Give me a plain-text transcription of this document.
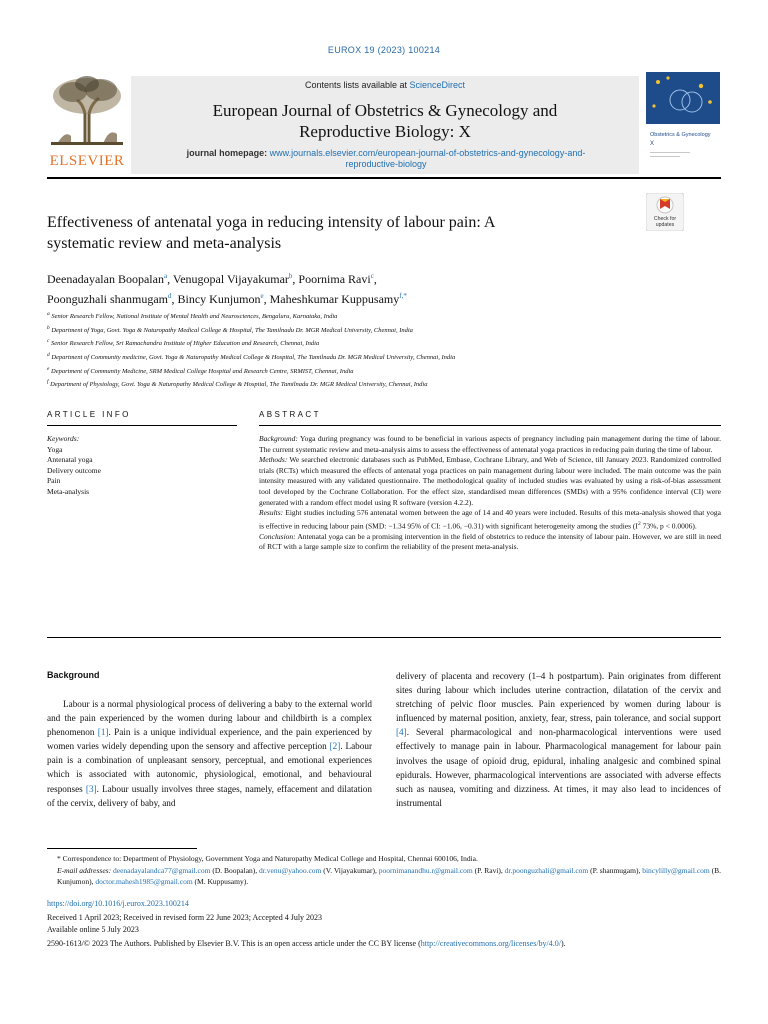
EUROX 19 (2023) 100214
ELSEVIER
Contents lists available at ScienceDirect
European Journal of Obstetrics & Gynecology and
Reproductive Biology: X
journal homepage: www.journals.elsevier.com/european-journal-of-obstetrics-and-gynecology-and-
reproductive-biology
Obstetrics & Gynecology
X
Check for
updates
Effectiveness of antenatal yoga in reducing intensity of labour pain: A
systematic review and meta-analysis
Deenadayalan Boopalan$^a$, Venugopal Vijayakumar$^b$, Poornima Ravi$^c$,
Poonguzhali shanmugam$^d$, Bincy Kunjumon$^e$, Maheshkumar Kuppusamy$^{f,*}$
$^a$ Senior Research Fellow, National Institute of Mental Health and Neurosciences, Bengaluru, Karnataka, India
$^b$ Department of Yoga, Govt. Yoga & Naturopathy Medical College & Hospital, The Tamilnadu Dr. MGR Medical University, Chennai, India
$^c$ Senior Research Fellow, Sri Ramachandra Institute of Higher Education and Research, Chennai, India
$^d$ Department of Community medicine, Govt. Yoga & Naturopathy Medical College & Hospital, The Tamilnadu Dr. MGR Medical University, Chennai, India
$^e$ Department of Community Medicine, SRM Medical College Hospital and Research Centre, SRMIST, Chennai, India
$^f$ Department of Physiology, Govt. Yoga & Naturopathy Medical College & Hospital, The Tamilnadu Dr. MGR Medical University, Chennai, India
ARTICLE INFO	ABSTRACT
Keywords:
Yoga
Antenatal yoga
Delivery outcome
Pain
Meta-analysis

Background: Yoga during pregnancy was found to be beneficial in various aspects of pregnancy including pain management during the time of labour. The current systematic review and meta-analysis aims to assess the effectiveness of antenatal yoga practices in reducing pain during the time of labour.

Methods: We searched electronic databases such as PubMed, Embase, Cochrane Library, and Web of Science, till January 2023. Randomized controlled trials (RCTs) which measured the effects of antenatal yoga practices on pain management during labour were included. The main outcome was the pain intensity measured with any validated questionnaire. The methodological quality of included studies was evaluated by using a risk-of-bias assessment tool developed by the Cochrane Collaboration. For the effect size, standardised mean differences (SMDs) with a 95% confidence interval (CI) were generated with a random effect model using R software (version 4.2.2).

Results: Eight studies including 576 antenatal women between the age of 14 and 40 years were included. Results of this meta-analysis showed that yoga is effective in reducing labour pain (SMD: −1.34 95% of CI: −1.06, −0.31) with significant heterogeneity among the studies ($I^2$ 73%, p < 0.0006).

Conclusion: Antenatal yoga can be a promising intervention in the field of obstetrics to reduce the intensity of labour pain. However, we are still in need of RCT with a large sample size to confirm the reliability of the present meta-analysis.

Background
Labour is a normal physiological process of delivering a baby to the external world and the pain experienced by the women during labour and childbirth is a complex phenomenon [1]. Pain is a unique individual experience, and the pain experienced by women varies widely depending upon the sensory and affective perception [2]. Labour pain is a combination of unpleasant sensory, perceptual, and emotional experiences which is associated with autonomic, physiological, emotional, and behavioural responses [3]. Labour usually involves three stages, namely, effacement and dilatation of the cervix, delivery of baby, and
delivery of placenta and recovery (1–4 h postpartum). Pain originates from different sites during labour which includes uterine contraction, dilatation of the cervix and stretching of pelvic floor muscles. Pain experienced by women during labour is influenced by maternal position, anxiety, fear, stress, pain tolerance, and social support [4]. Several pharmacological and non-pharmacological interventions were used effectively to manage pain in labour. Pharmacological management for labour pain involves the usage of opioid drug, epidural, inhaling analgesic and combined spinal epidurals. However, pharmacological interventions are associated with adverse effects such as nausea, vomiting and dizziness. At times, it may also lead to incidences of instrumental

* Correspondence to: Department of Physiology, Government Yoga and Naturopathy Medical College and Hospital, Chennai 600106, India.

E-mail addresses: deenadayalandca77@gmail.com (D. Boopalan), dr.venu@yahoo.com (V. Vijayakumar), poornimanandhu.r@gmail.com (P. Ravi), dr.poonguzhali@gmail.com (P. shanmugam), bincylilly@gmail.com (B. Kunjumon), doctor.mahesh1985@gmail.com (M. Kuppusamy).

https://doi.org/10.1016/j.eurox.2023.100214
Received 1 April 2023; Received in revised form 22 June 2023; Accepted 4 July 2023
Available online 5 July 2023
2590-1613/© 2023 The Authors. Published by Elsevier B.V. This is an open access article under the CC BY license (http://creativecommons.org/licenses/by/4.0/).
